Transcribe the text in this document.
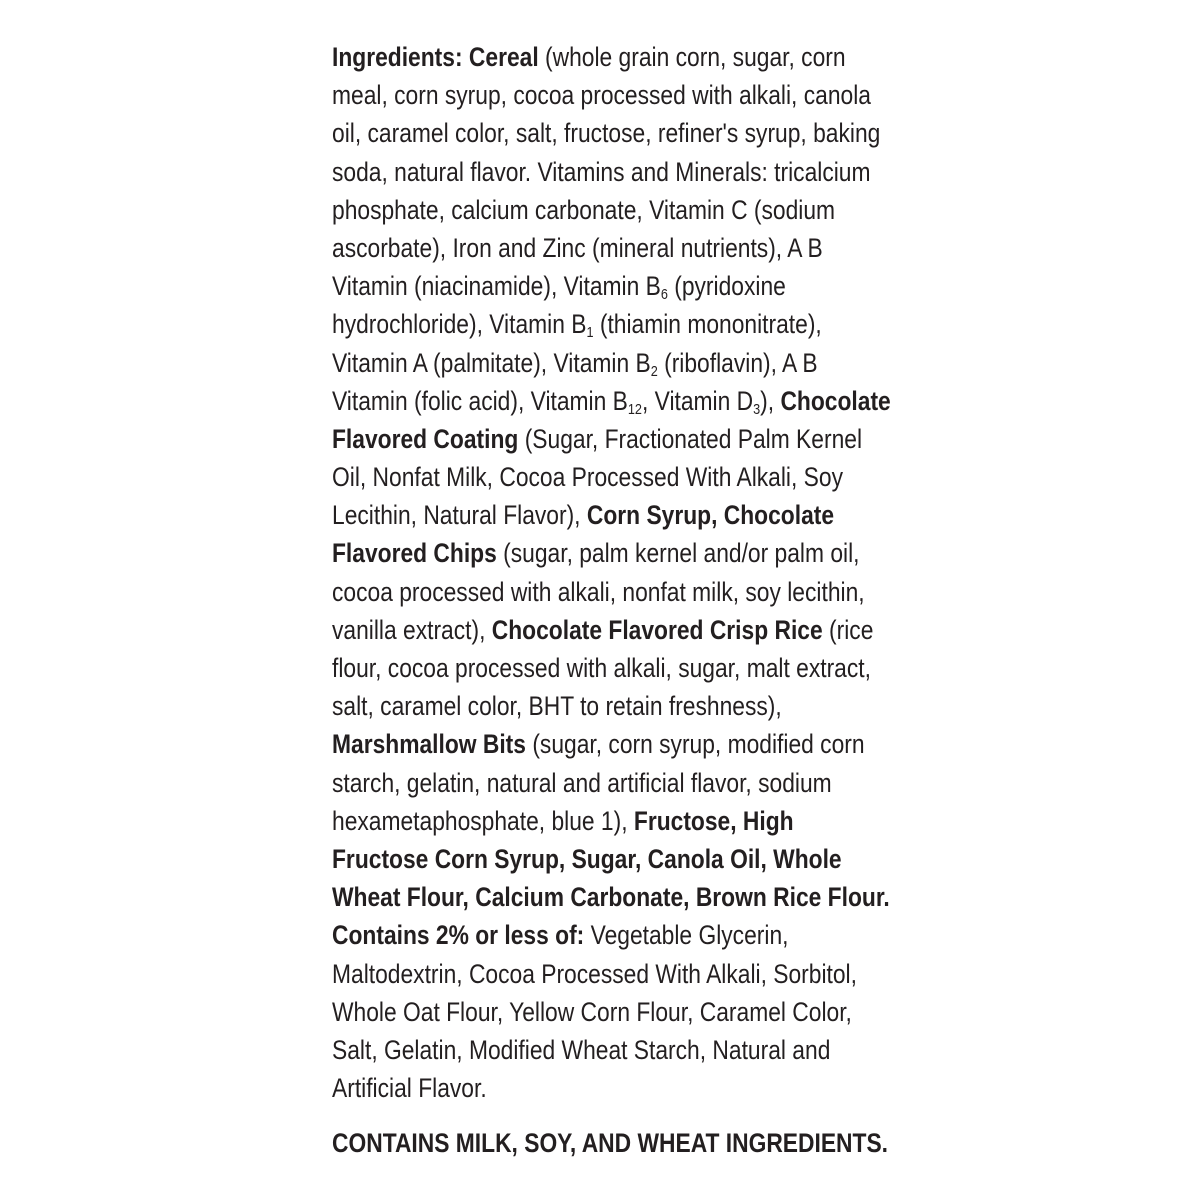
Ingredients: Cereal (whole grain corn, sugar, corn
meal, corn syrup, cocoa processed with alkali, canola
oil, caramel color, salt, fructose, refiner's syrup, baking
soda, natural flavor. Vitamins and Minerals: tricalcium
phosphate, calcium carbonate, Vitamin C (sodium
ascorbate), Iron and Zinc (mineral nutrients), A B
Vitamin (niacinamide), Vitamin $B_6$ (pyridoxine
hydrochloride), Vitamin $B_1$ (thiamin mononitrate),
Vitamin A (palmitate), Vitamin $B_2$ (riboflavin), A B
Vitamin (folic acid), Vitamin $B_{12}$, Vitamin $D_3$), Chocolate
Flavored Coating (Sugar, Fractionated Palm Kernel
Oil, Nonfat Milk, Cocoa Processed With Alkali, Soy
Lecithin, Natural Flavor), Corn Syrup, Chocolate
Flavored Chips (sugar, palm kernel and/or palm oil,
cocoa processed with alkali, nonfat milk, soy lecithin,
vanilla extract), Chocolate Flavored Crisp Rice (rice
flour, cocoa processed with alkali, sugar, malt extract,
salt, caramel color, BHT to retain freshness),
Marshmallow Bits (sugar, corn syrup, modified corn
starch, gelatin, natural and artificial flavor, sodium
hexametaphosphate, blue 1), Fructose, High
Fructose Corn Syrup, Sugar, Canola Oil, Whole
Wheat Flour, Calcium Carbonate, Brown Rice Flour.
Contains 2% or less of: Vegetable Glycerin,
Maltodextrin, Cocoa Processed With Alkali, Sorbitol,
Whole Oat Flour, Yellow Corn Flour, Caramel Color,
Salt, Gelatin, Modified Wheat Starch, Natural and
Artificial Flavor.
CONTAINS MILK, SOY, AND WHEAT INGREDIENTS.
